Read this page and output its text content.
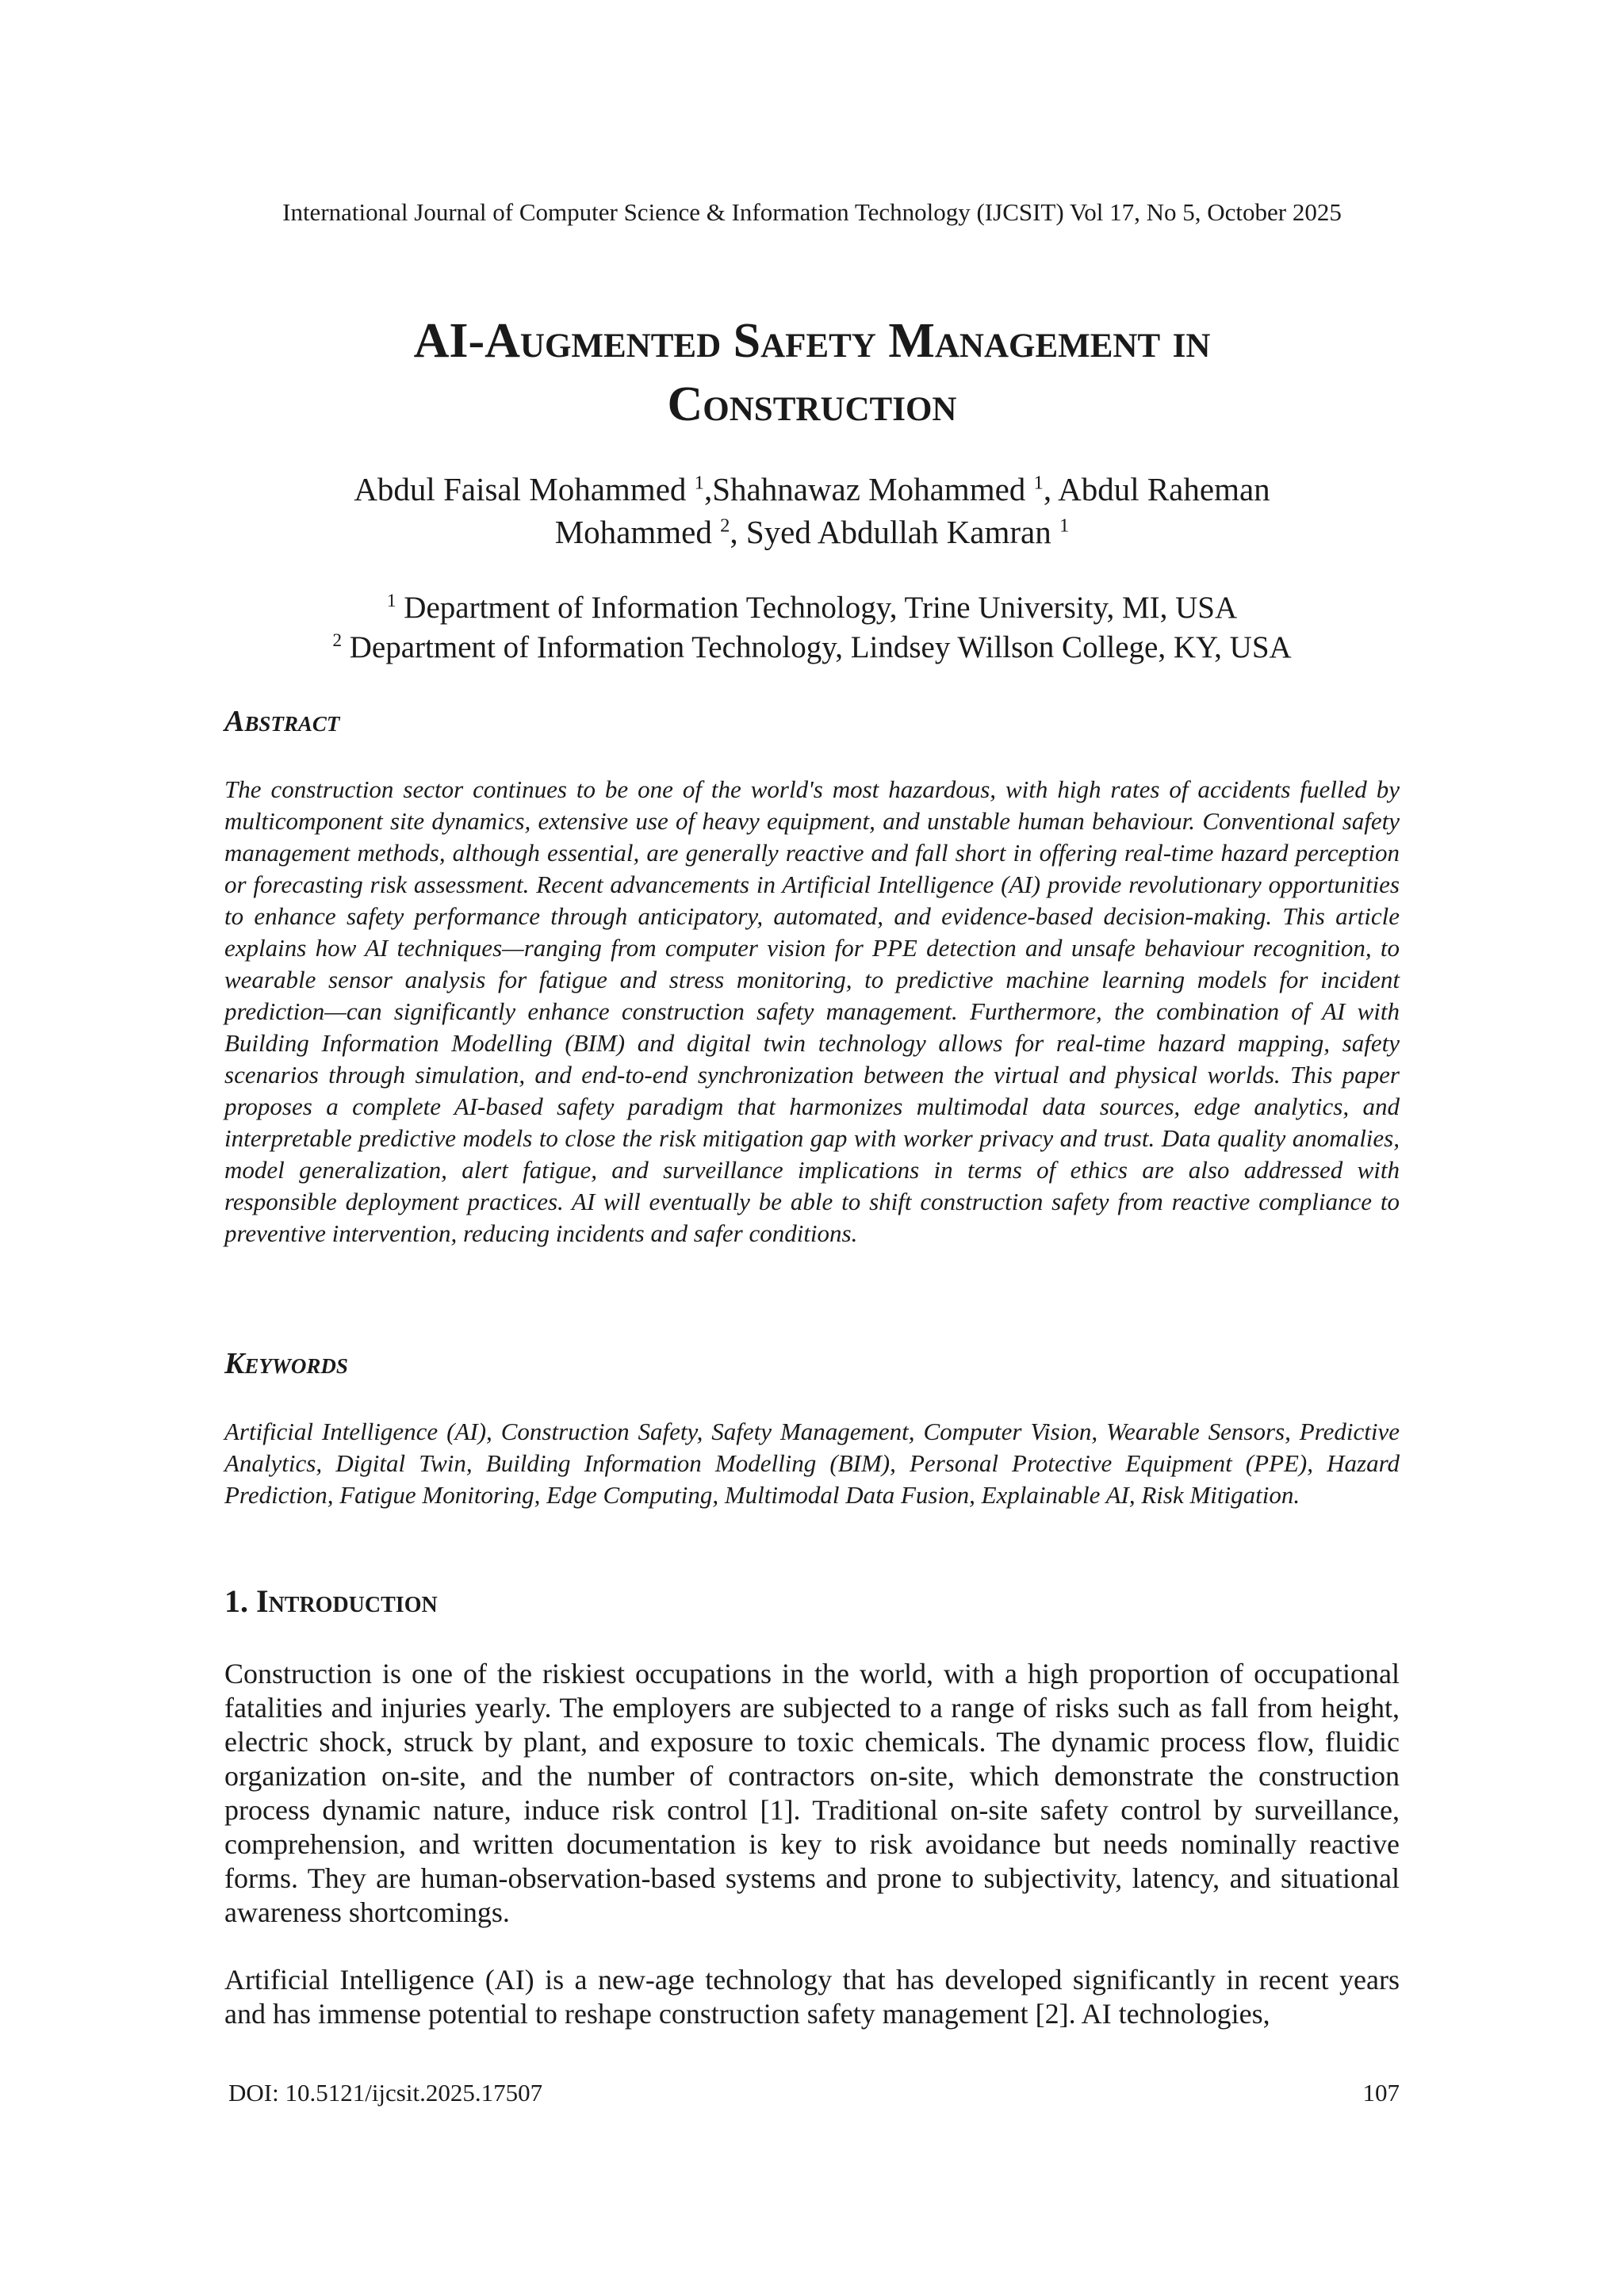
International Journal of Computer Science & Information Technology (IJCSIT) Vol 17, No 5, October 2025
AI-Augmented Safety Management in
Construction
Abdul Faisal Mohammed $^1$,Shahnawaz Mohammed $^1$, Abdul Raheman
Mohammed $^2$, Syed Abdullah Kamran $^1$
$^1$ Department of Information Technology, Trine University, MI, USA
$^2$ Department of Information Technology, Lindsey Willson College, KY, USA
Abstract

The construction sector continues to be one of the world's most hazardous, with high rates of accidents fuelled by multicomponent site dynamics, extensive use of heavy equipment, and unstable human behaviour. Conventional safety management methods, although essential, are generally reactive and fall short in offering real-time hazard perception or forecasting risk assessment. Recent advancements in Artificial Intelligence (AI) provide revolutionary opportunities to enhance safety performance through anticipatory, automated, and evidence-based decision-making. This article explains how AI techniques—ranging from computer vision for PPE detection and unsafe behaviour recognition, to wearable sensor analysis for fatigue and stress monitoring, to predictive machine learning models for incident prediction—can significantly enhance construction safety management. Furthermore, the combination of AI with Building Information Modelling (BIM) and digital twin technology allows for real-time hazard mapping, safety scenarios through simulation, and end-to-end synchronization between the virtual and physical worlds. This paper proposes a complete AI-based safety paradigm that harmonizes multimodal data sources, edge analytics, and interpretable predictive models to close the risk mitigation gap with worker privacy and trust. Data quality anomalies, model generalization, alert fatigue, and surveillance implications in terms of ethics are also addressed with responsible deployment practices. AI will eventually be able to shift construction safety from reactive compliance to preventive intervention, reducing incidents and safer conditions.

Keywords

Artificial Intelligence (AI), Construction Safety, Safety Management, Computer Vision, Wearable Sensors, Predictive Analytics, Digital Twin, Building Information Modelling (BIM), Personal Protective Equipment (PPE), Hazard Prediction, Fatigue Monitoring, Edge Computing, Multimodal Data Fusion, Explainable AI, Risk Mitigation.

1. Introduction

Construction is one of the riskiest occupations in the world, with a high proportion of occupational fatalities and injuries yearly. The employers are subjected to a range of risks such as fall from height, electric shock, struck by plant, and exposure to toxic chemicals. The dynamic process flow, fluidic organization on-site, and the number of contractors on-site, which demonstrate the construction process dynamic nature, induce risk control [1]. Traditional on-site safety control by surveillance, comprehension, and written documentation is key to risk avoidance but needs nominally reactive forms. They are human-observation-based systems and prone to subjectivity, latency, and situational awareness shortcomings.

Artificial Intelligence (AI) is a new-age technology that has developed significantly in recent years and has immense potential to reshape construction safety management [2]. AI technologies,

DOI: 10.5121/ijcsit.2025.17507	107
